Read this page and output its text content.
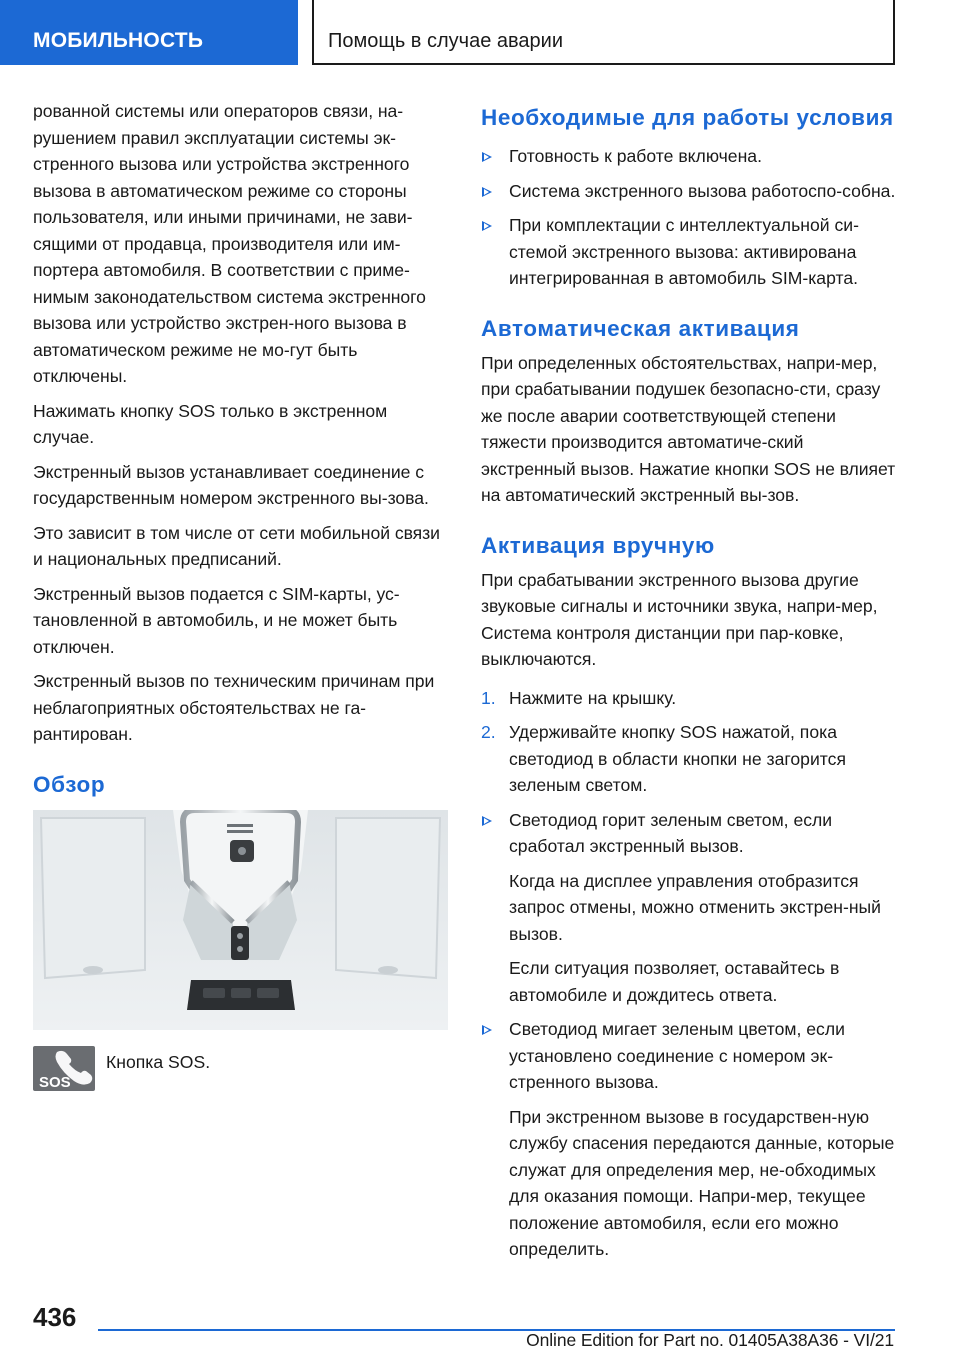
МОБИЛЬНОСТЬ	Помощь в случае аварии

рованной системы или операторов связи, на-рушением правил эксплуатации системы эк-стренного вызова или устройства экстренного вызова в автоматическом режиме со стороны пользователя, или иными причинами, не зави-сящими от продавца, производителя или им-портера автомобиля. В соответствии с приме-нимым законодательством система экстренного вызова или устройство экстрен-ного вызова в автоматическом режиме не мо-гут быть отключены.

Нажимать кнопку SOS только в экстренном случае.

Экстренный вызов устанавливает соединение с государственным номером экстренного вы-зова.

Это зависит в том числе от сети мобильной связи и национальных предписаний.

Экстренный вызов подается с SIM-карты, ус-тановленной в автомобиль, и не может быть отключен.

Экстренный вызов по техническим причинам при неблагоприятных обстоятельствах не га-рантирован.

Обзор
SOS
Кнопка SOS.
Необходимые для работы условия

Готовность к работе включена.

Система экстренного вызова работоспо-собна.

При комплектации с интеллектуальной си-стемой экстренного вызова: активирована интегрированная в автомобиль SIM-карта.

Автоматическая активация

При определенных обстоятельствах, напри-мер, при срабатывании подушек безопасно-сти, сразу же после аварии соответствующей степени тяжести производится автоматиче-ский экстренный вызов. Нажатие кнопки SOS не влияет на автоматический экстренный вы-зов.

Активация вручную

При срабатывании экстренного вызова другие звуковые сигналы и источники звука, напри-мер, Система контроля дистанции при пар-ковке, выключаются.

1. Нажмите на крышку.

2. Удерживайте кнопку SOS нажатой, пока светодиод в области кнопки не загорится зеленым светом.

Светодиод горит зеленым светом, если сработал экстренный вызов.

Когда на дисплее управления отобразится запрос отмены, можно отменить экстрен-ный вызов.

Если ситуация позволяет, оставайтесь в автомобиле и дождитесь ответа.

Светодиод мигает зеленым цветом, если установлено соединение с номером эк-стренного вызова.

При экстренном вызове в государствен-ную службу спасения передаются данные, которые служат для определения мер, не-обходимых для оказания помощи. Напри-мер, текущее положение автомобиля, если его можно определить.

436
Online Edition for Part no. 01405A38A36 - VI/21
